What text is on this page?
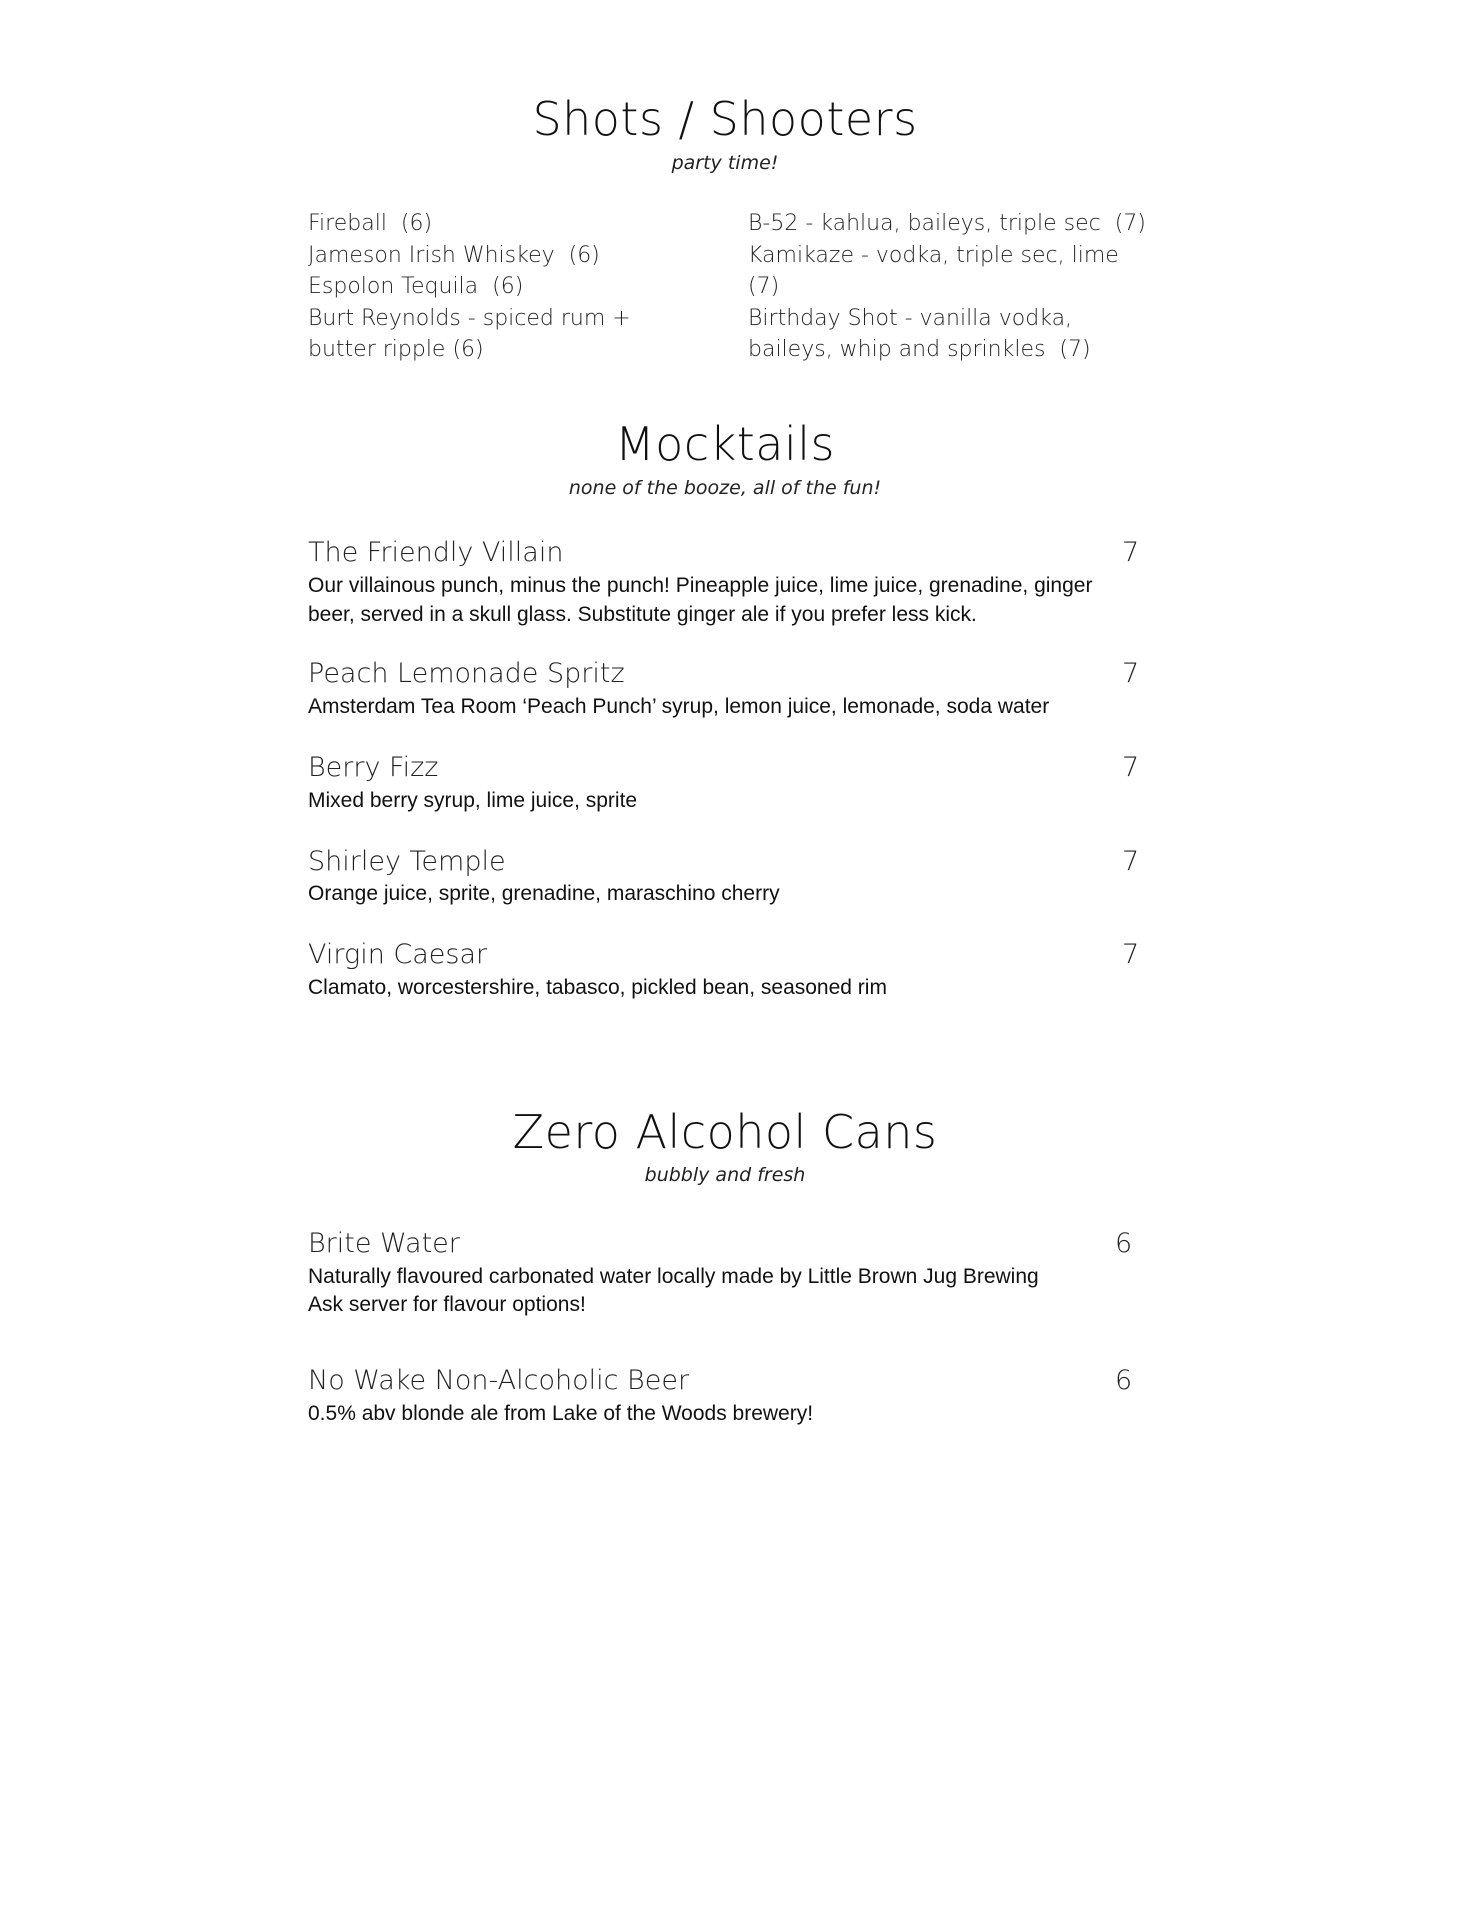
Shots / Shooters
party time!
Fireball  (6)
Jameson Irish Whiskey  (6)
Espolon Tequila  (6)
Burt Reynolds - spiced rum + butter ripple (6)
B-52 - kahlua, baileys, triple sec  (7)
Kamikaze - vodka, triple sec, lime  (7)
Birthday Shot - vanilla vodka, baileys, whip and sprinkles  (7)
Mocktails
none of the booze, all of the fun!
The Friendly Villain	7
Our villainous punch, minus the punch! Pineapple juice, lime juice, grenadine, ginger beer, served in a skull glass. Substitute ginger ale if you prefer less kick.
Peach Lemonade Spritz	7
Amsterdam Tea Room ‘Peach Punch’ syrup, lemon juice, lemonade, soda water
Berry Fizz	7
Mixed berry syrup, lime juice, sprite
Shirley Temple	7
Orange juice, sprite, grenadine, maraschino cherry
Virgin Caesar	7
Clamato, worcestershire, tabasco, pickled bean, seasoned rim
Zero Alcohol Cans
bubbly and fresh
Brite Water	6
Naturally flavoured carbonated water locally made by Little Brown Jug Brewing
Ask server for flavour options!
No Wake Non-Alcoholic Beer	6
0.5% abv blonde ale from Lake of the Woods brewery!
